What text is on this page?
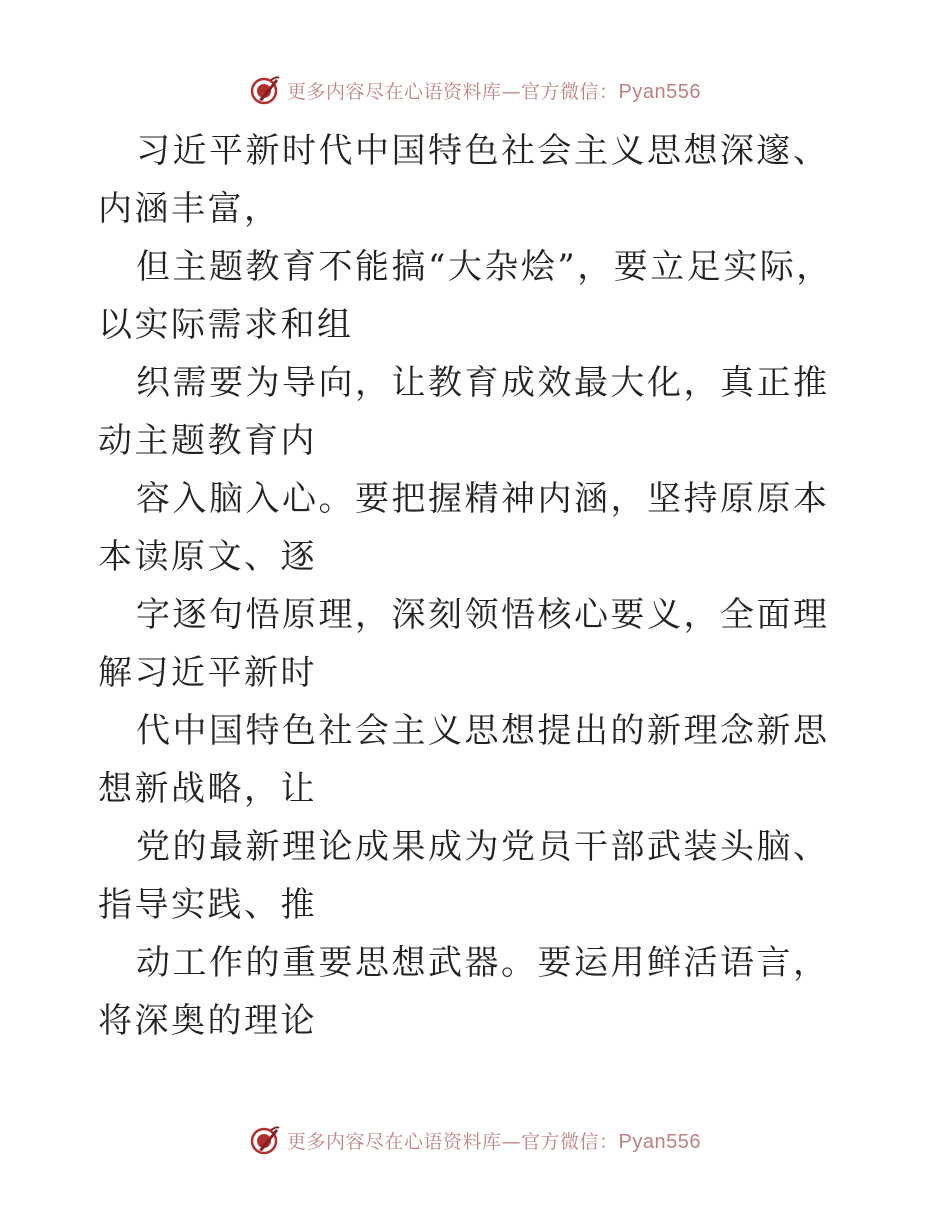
更多内容尽在心语资料库—官方微信：Pyan556

习近平新时代中国特色社会主义思想深邃、内涵丰富，

但主题教育不能搞“大杂烩”，要立足实际，以实际需求和组

织需要为导向，让教育成效最大化，真正推动主题教育内

容入脑入心。要把握精神内涵，坚持原原本本读原文、逐

字逐句悟原理，深刻领悟核心要义，全面理解习近平新时

代中国特色社会主义思想提出的新理念新思想新战略，让

党的最新理论成果成为党员干部武装头脑、指导实践、推

动工作的重要思想武器。要运用鲜活语言，将深奥的理论

更多内容尽在心语资料库—官方微信：Pyan556
